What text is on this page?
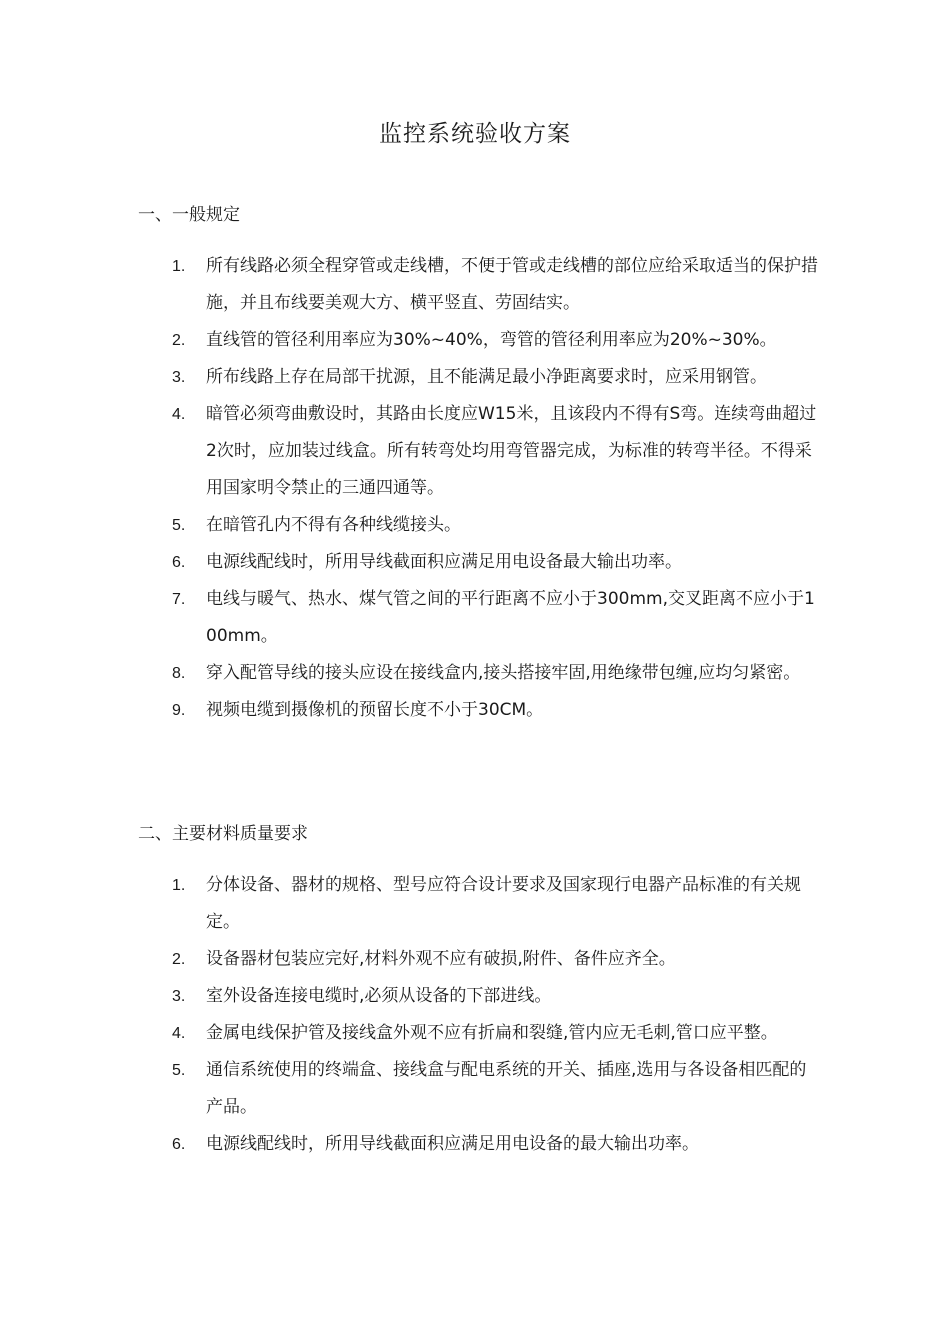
监控系统验收方案
一、一般规定
1.	所有线路必须全程穿管或走线槽，不便于管或走线槽的部位应给采取适当的保护措施，并且布线要美观大方、横平竖直、劳固结实。
2.	直线管的管径利用率应为30%~40%，弯管的管径利用率应为20%~30%。
3.	所布线路上存在局部干扰源，且不能满足最小净距离要求时，应采用钢管。
4.	暗管必须弯曲敷设时，其路由长度应W15米，且该段内不得有S弯。连续弯曲超过2次时，应加装过线盒。所有转弯处均用弯管器完成，为标准的转弯半径。不得采用国家明令禁止的三通四通等。
5.	在暗管孔内不得有各种线缆接头。
6.	电源线配线时，所用导线截面积应满足用电设备最大输出功率。
7.	电线与暖气、热水、煤气管之间的平行距离不应小于300mm,交叉距离不应小于100mm。
8.	穿入配管导线的接头应设在接线盒内,接头搭接牢固,用绝缘带包缠,应均匀紧密。
9.	视频电缆到摄像机的预留长度不小于30CM。
二、主要材料质量要求
1.	分体设备、器材的规格、型号应符合设计要求及国家现行电器产品标准的有关规定。
2.	设备器材包装应完好,材料外观不应有破损,附件、备件应齐全。
3.	室外设备连接电缆时,必须从设备的下部进线。
4.	金属电线保护管及接线盒外观不应有折扁和裂缝,管内应无毛刺,管口应平整。
5.	通信系统使用的终端盒、接线盒与配电系统的开关、插座,选用与各设备相匹配的产品。
6.	电源线配线时，所用导线截面积应满足用电设备的最大输出功率。
